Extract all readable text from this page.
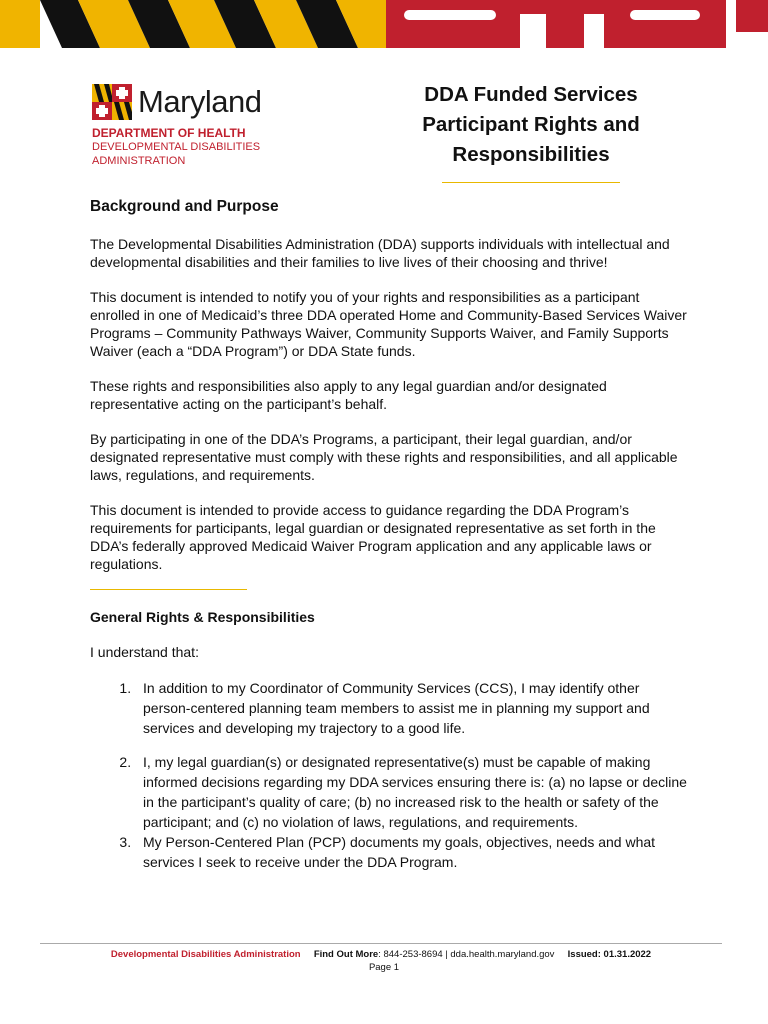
Maryland
DEPARTMENT OF HEALTH
DEVELOPMENTAL DISABILITIES ADMINISTRATION
DDA Funded Services
Participant Rights and
Responsibilities
Background and Purpose

The Developmental Disabilities Administration (DDA) supports individuals with intellectual and developmental disabilities and their families to live lives of their choosing and thrive!

This document is intended to notify you of your rights and responsibilities as a participant enrolled in one of Medicaid’s three DDA operated Home and Community-Based Services Waiver Programs – Community Pathways Waiver, Community Supports Waiver, and Family Supports Waiver (each a “DDA Program”) or DDA State funds.

These rights and responsibilities also apply to any legal guardian and/or designated representative acting on the participant’s behalf.

By participating in one of the DDA’s Programs, a participant, their legal guardian, and/or designated representative must comply with these rights and responsibilities, and all applicable laws, regulations, and requirements.

This document is intended to provide access to guidance regarding the DDA Program’s requirements for participants, legal guardian or designated representative as set forth in the DDA’s federally approved Medicaid Waiver Program application and any applicable laws or regulations.

General Rights & Responsibilities

I understand that:

1. In addition to my Coordinator of Community Services (CCS), I may identify other person-centered planning team members to assist me in planning my support and services and developing my trajectory to a good life.
2. I, my legal guardian(s) or designated representative(s) must be capable of making informed decisions regarding my DDA services ensuring there is: (a) no lapse or decline in the participant’s quality of care; (b) no increased risk to the health or safety of the participant; and (c) no violation of laws, regulations, and requirements.
3. My Person-Centered Plan (PCP) documents my goals, objectives, needs and what services I seek to receive under the DDA Program.
Developmental Disabilities Administration Find Out More: 844-253-8694 | dda.health.maryland.gov Issued: 01.31.2022
Page 1
